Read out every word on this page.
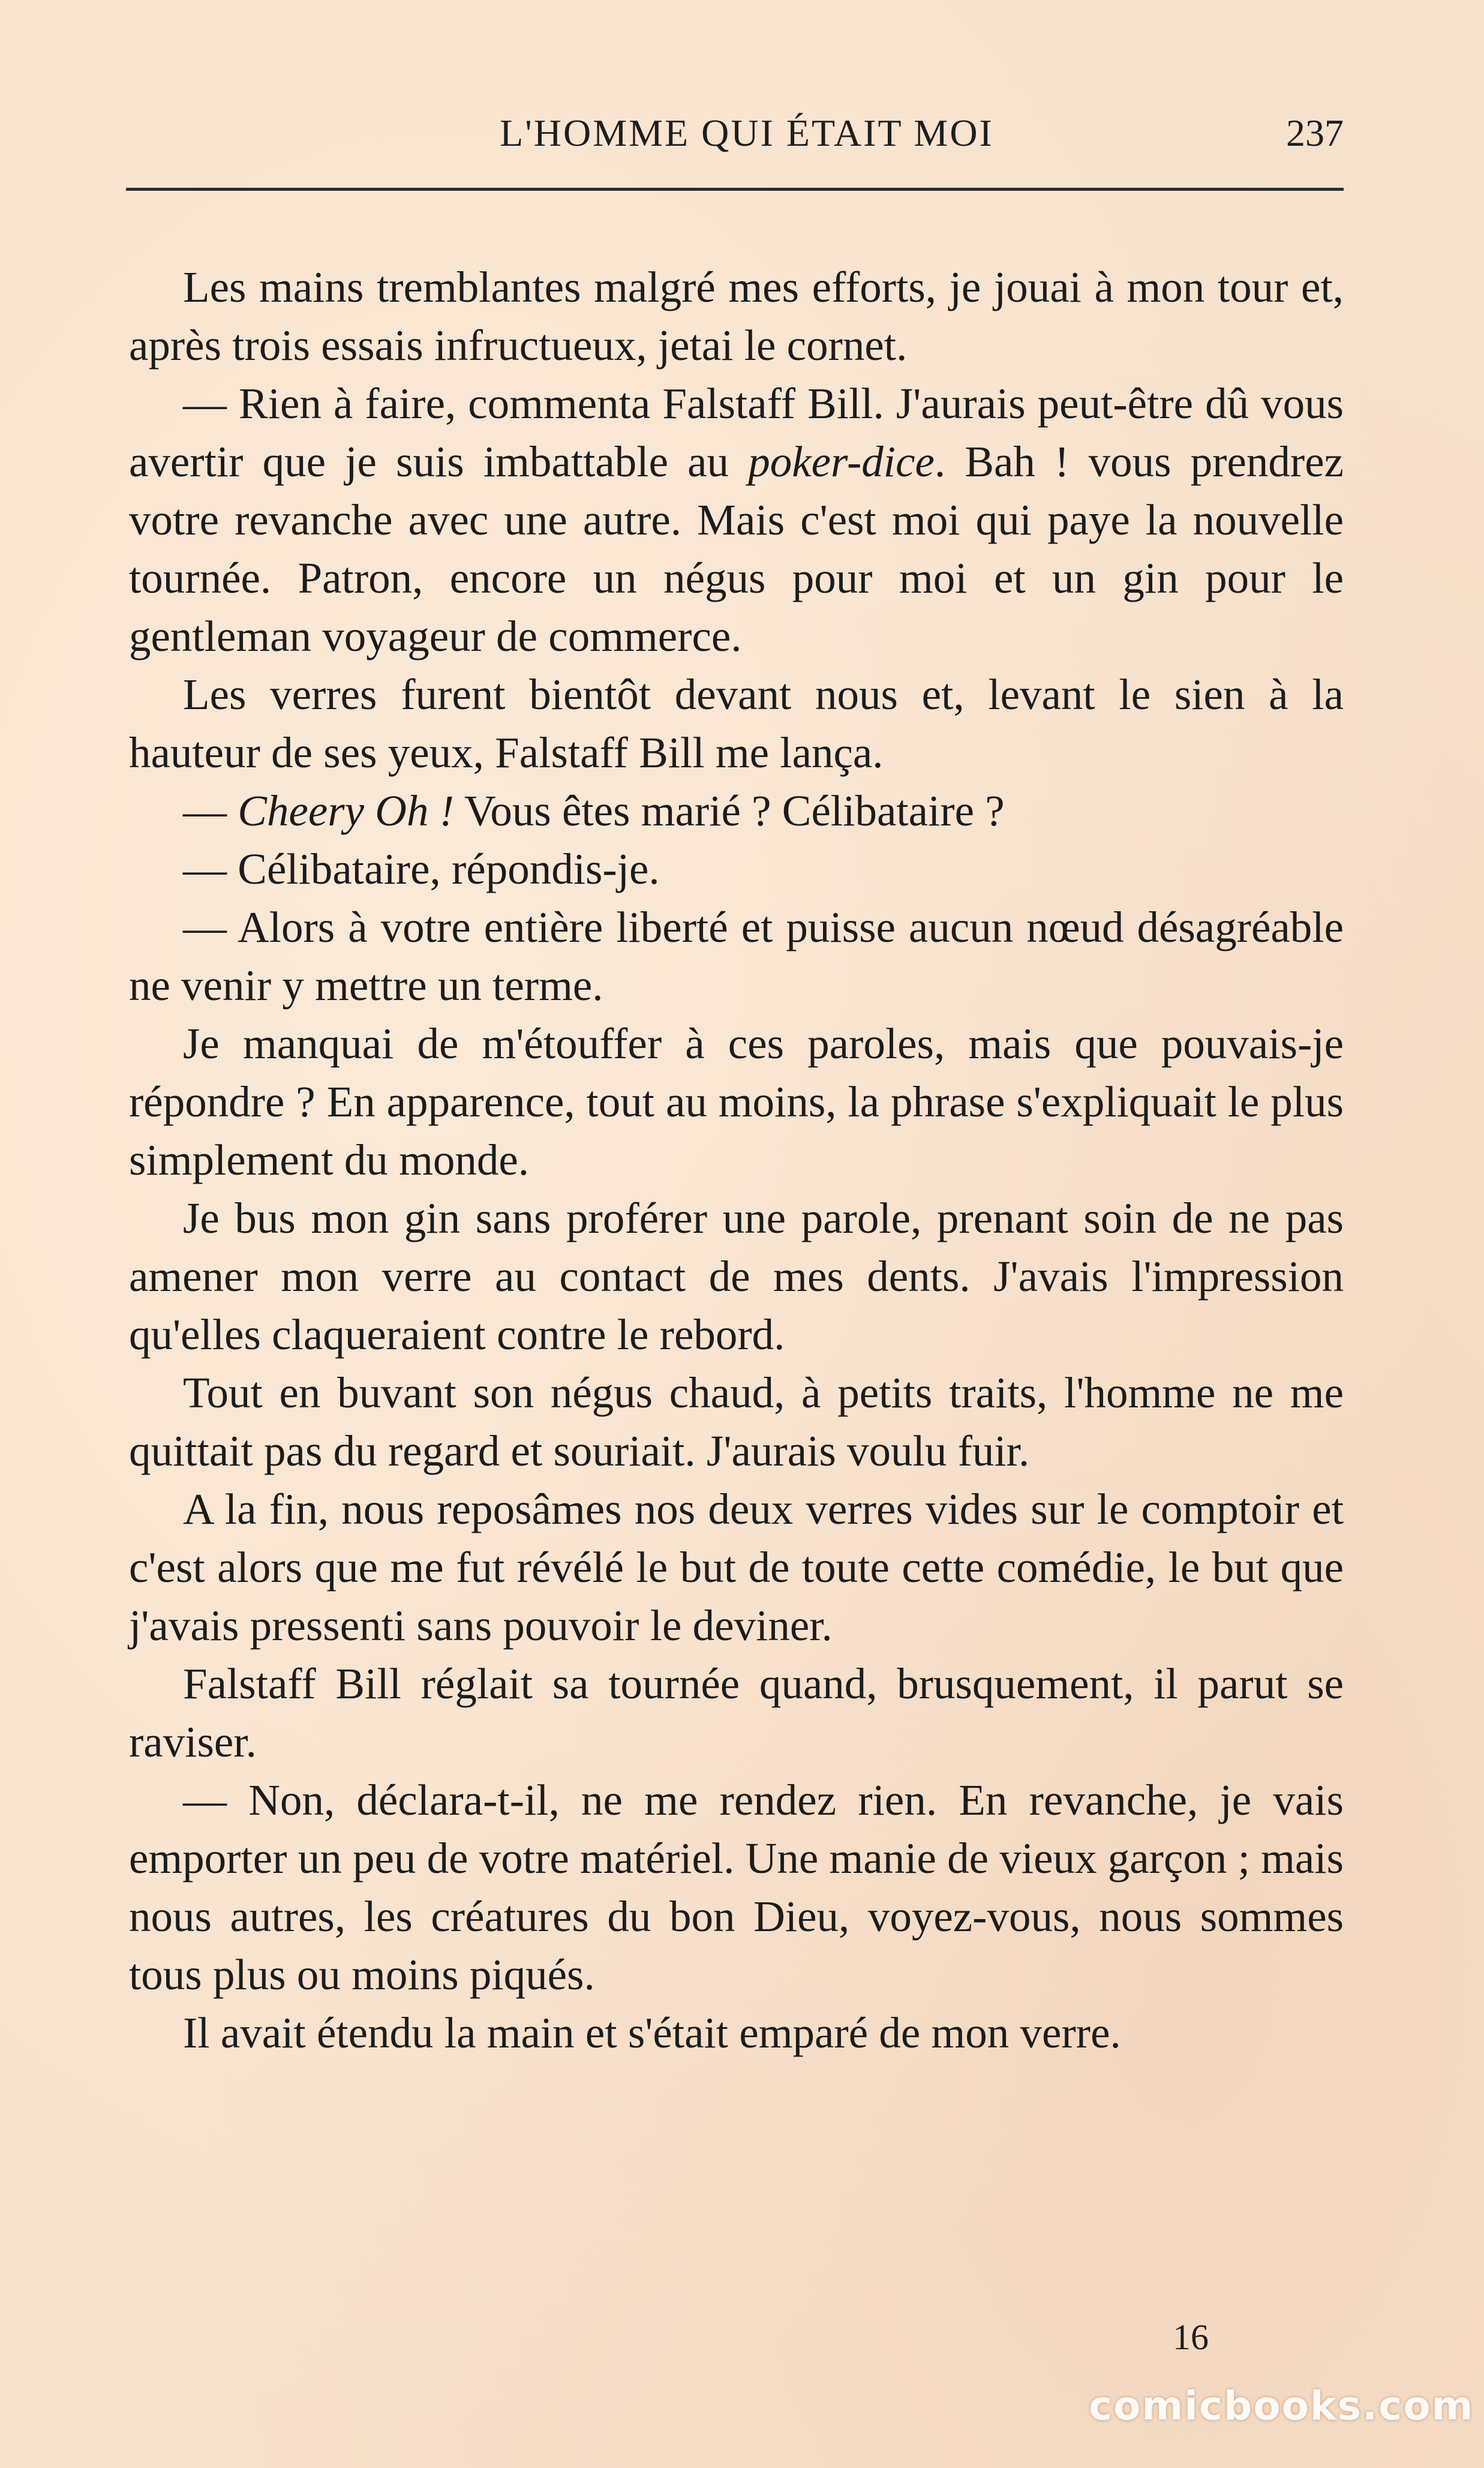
L'HOMME QUI ÉTAIT MOI	237

Les mains tremblantes malgré mes efforts, je jouai à mon tour et, après trois essais infructueux, jetai le cornet.

— Rien à faire, commenta Falstaff Bill. J'aurais peut-être dû vous avertir que je suis imbattable au poker-dice. Bah ! vous prendrez votre revanche avec une autre. Mais c'est moi qui paye la nouvelle tournée. Patron, encore un négus pour moi et un gin pour le gentleman voyageur de commerce.

Les verres furent bientôt devant nous et, levant le sien à la hauteur de ses yeux, Falstaff Bill me lança.

— Cheery Oh ! Vous êtes marié ? Célibataire ?

— Célibataire, répondis-je.

— Alors à votre entière liberté et puisse aucun nœud désagréable ne venir y mettre un terme.

Je manquai de m'étouffer à ces paroles, mais que pouvais-je répondre ? En apparence, tout au moins, la phrase s'expliquait le plus simplement du monde.

Je bus mon gin sans proférer une parole, prenant soin de ne pas amener mon verre au contact de mes dents. J'avais l'impression qu'elles claqueraient contre le rebord.

Tout en buvant son négus chaud, à petits traits, l'homme ne me quittait pas du regard et souriait. J'aurais voulu fuir.

A la fin, nous reposâmes nos deux verres vides sur le comptoir et c'est alors que me fut révélé le but de toute cette comédie, le but que j'avais pressenti sans pouvoir le deviner.

Falstaff Bill réglait sa tournée quand, brusquement, il parut se raviser.

— Non, déclara-t-il, ne me rendez rien. En revanche, je vais emporter un peu de votre matériel. Une manie de vieux garçon ; mais nous autres, les créatures du bon Dieu, voyez-vous, nous sommes tous plus ou moins piqués.

Il avait étendu la main et s'était emparé de mon verre.

16
comicbooks.com
